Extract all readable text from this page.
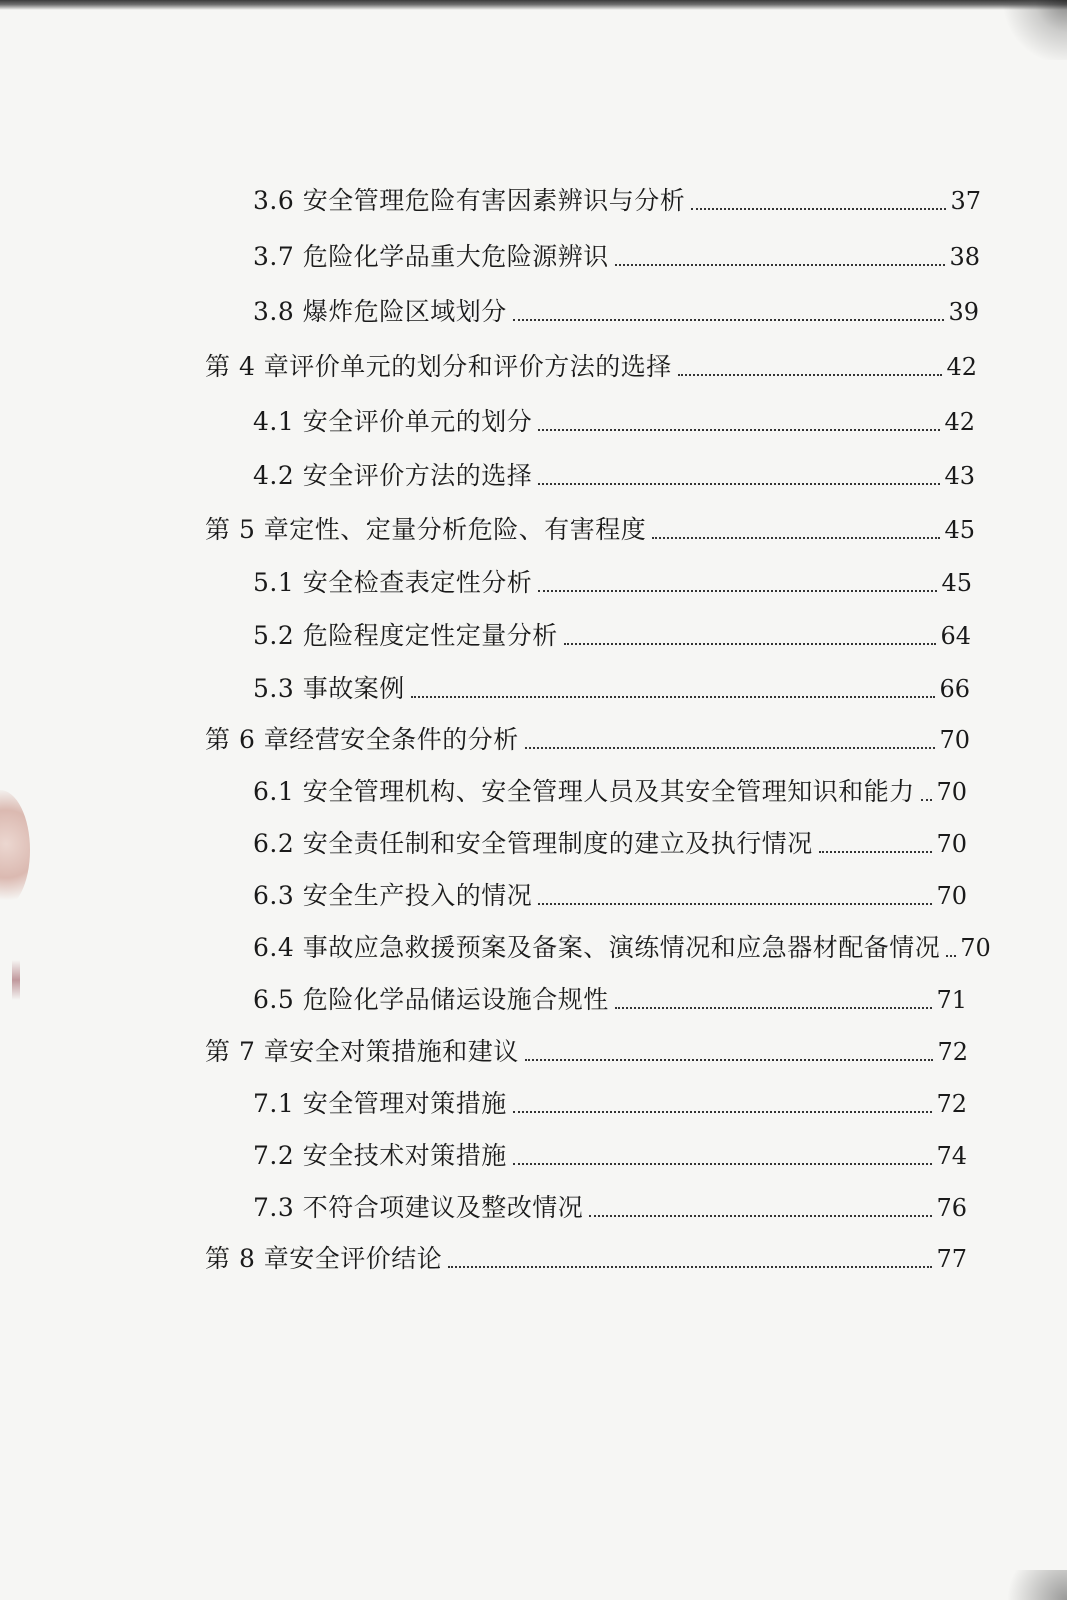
3.6 安全管理危险有害因素辨识与分析	37
3.7 危险化学品重大危险源辨识	38
3.8 爆炸危险区域划分	39
第 4 章评价单元的划分和评价方法的选择	42
4.1 安全评价单元的划分	42
4.2 安全评价方法的选择	43
第 5 章定性、定量分析危险、有害程度	45
5.1 安全检查表定性分析	45
5.2 危险程度定性定量分析	64
5.3 事故案例	66
第 6 章经营安全条件的分析	70
6.1 安全管理机构、安全管理人员及其安全管理知识和能力 70
6.2 安全责任制和安全管理制度的建立及执行情况	70
6.3 安全生产投入的情况	70
6.4 事故应急救援预案及备案、演练情况和应急器材配备情况 70
6.5 危险化学品储运设施合规性	71
第 7 章安全对策措施和建议	72
7.1 安全管理对策措施	72
7.2 安全技术对策措施	74
7.3 不符合项建议及整改情况	76
第 8 章安全评价结论	77
